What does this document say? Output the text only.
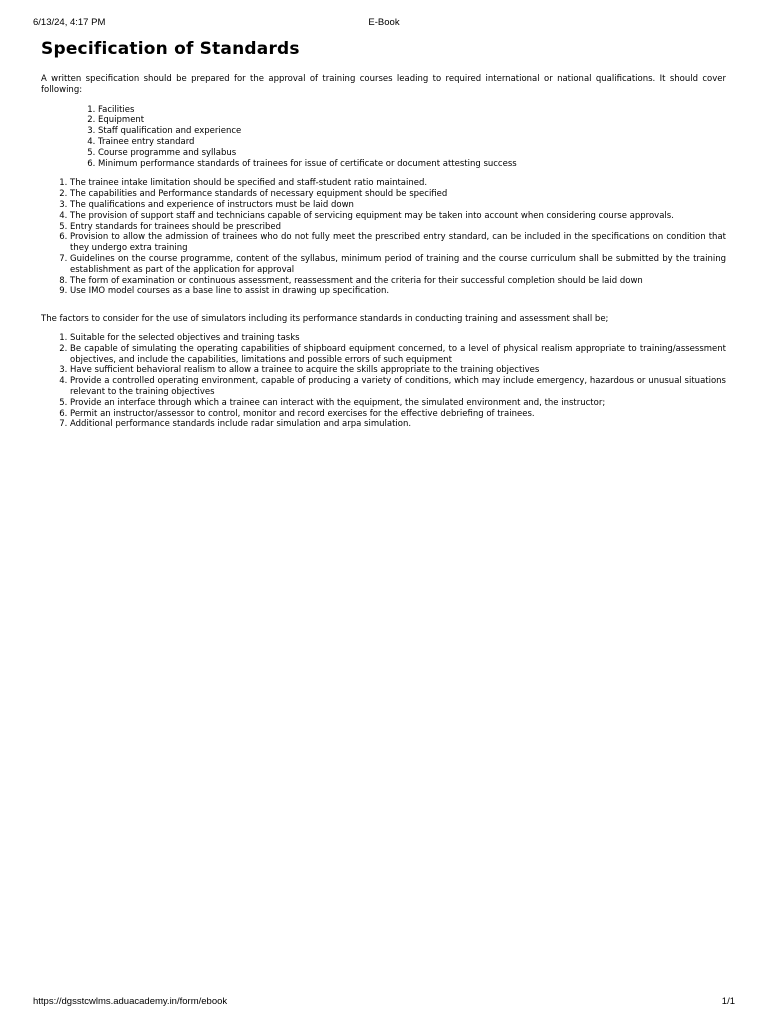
6/13/24, 4:17 PM	E-Book
Specification of Standards

A written specification should be prepared for the approval of training courses leading to required international or national qualifications. It should cover following:

1. Facilities
2. Equipment
3. Staff qualification and experience
4. Trainee entry standard
5. Course programme and syllabus
6. Minimum performance standards of trainees for issue of certificate or document attesting success
1. The trainee intake limitation should be specified and staff-student ratio maintained.
2. The capabilities and Performance standards of necessary equipment should be specified
3. The qualifications and experience of instructors must be laid down
4. The provision of support staff and technicians capable of servicing equipment may be taken into account when considering course approvals.
5. Entry standards for trainees should be prescribed
6. Provision to allow the admission of trainees who do not fully meet the prescribed entry standard, can be included in the specifications on condition that they undergo extra training
7. Guidelines on the course programme, content of the syllabus, minimum period of training and the course curriculum shall be submitted by the training establishment as part of the application for approval
8. The form of examination or continuous assessment, reassessment and the criteria for their successful completion should be laid down
9. Use IMO model courses as a base line to assist in drawing up specification.

The factors to consider for the use of simulators including its performance standards in conducting training and assessment shall be;

1. Suitable for the selected objectives and training tasks
2. Be capable of simulating the operating capabilities of shipboard equipment concerned, to a level of physical realism appropriate to training/assessment objectives, and include the capabilities, limitations and possible errors of such equipment
3. Have sufficient behavioral realism to allow a trainee to acquire the skills appropriate to the training objectives
4. Provide a controlled operating environment, capable of producing a variety of conditions, which may include emergency, hazardous or unusual situations relevant to the training objectives
5. Provide an interface through which a trainee can interact with the equipment, the simulated environment and, the instructor;
6. Permit an instructor/assessor to control, monitor and record exercises for the effective debriefing of trainees.
7. Additional performance standards include radar simulation and arpa simulation.
https://dgsstcwlms.aduacademy.in/form/ebook	1/1
